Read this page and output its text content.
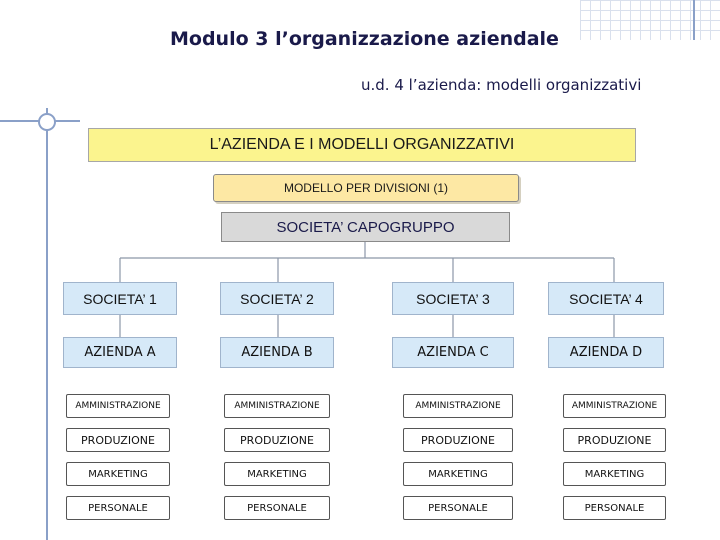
Modulo 3 l’organizzazione aziendale
u.d. 4 l’azienda: modelli organizzativi
L’AZIENDA E I MODELLI ORGANIZZATIVI
MODELLO PER DIVISIONI (1)
SOCIETA’ CAPOGRUPPO
SOCIETA’ 1
AZIENDA A
AMMINISTRAZIONE
PRODUZIONE
MARKETING
PERSONALE
SOCIETA’ 2
AZIENDA B
AMMINISTRAZIONE
PRODUZIONE
MARKETING
PERSONALE
SOCIETA’ 3
AZIENDA C
AMMINISTRAZIONE
PRODUZIONE
MARKETING
PERSONALE
SOCIETA’ 4
AZIENDA D
AMMINISTRAZIONE
PRODUZIONE
MARKETING
PERSONALE
